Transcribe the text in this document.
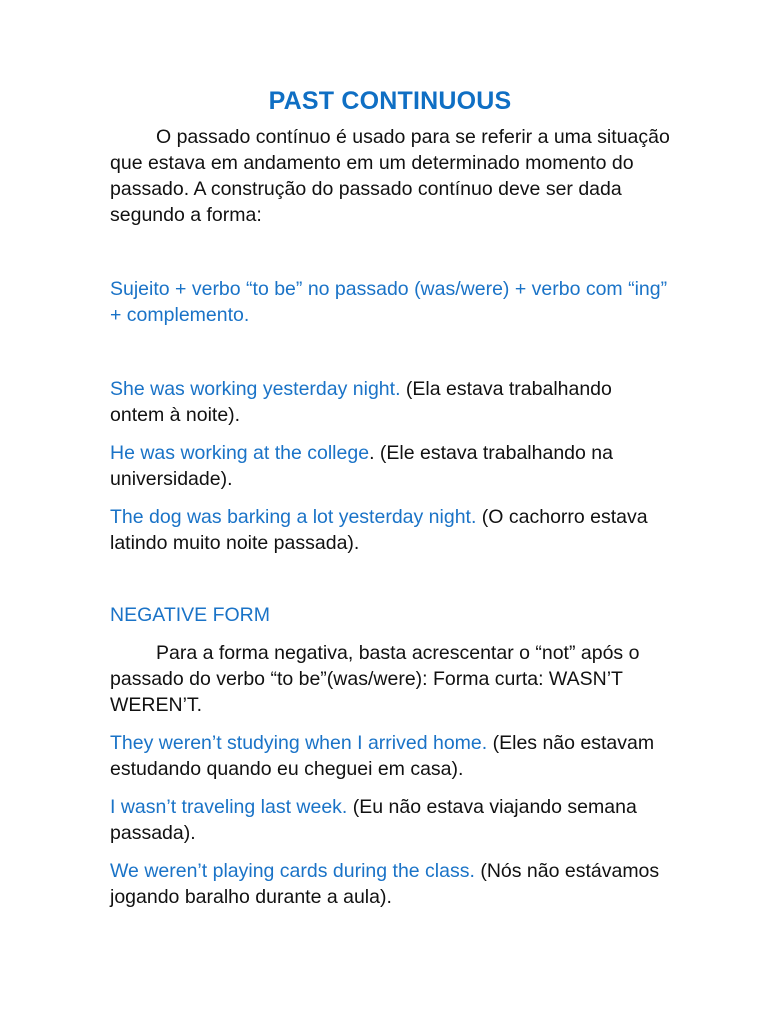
PAST CONTINUOUS

O passado contínuo é usado para se referir a uma situação que estava em andamento em um determinado momento do passado. A construção do passado contínuo deve ser dada segundo a forma:

Sujeito + verbo “to be” no passado (was/were) + verbo com “ing” + complemento.

She was working yesterday night. (Ela estava trabalhando ontem à noite).

He was working at the college. (Ele estava trabalhando na universidade).

The dog was barking a lot yesterday night. (O cachorro estava latindo muito noite passada).

NEGATIVE FORM

Para a forma negativa, basta acrescentar o “not” após o passado do verbo “to be”(was/were): Forma curta: WASN’T WEREN’T.

They weren’t studying when I arrived home. (Eles não estavam estudando quando eu cheguei em casa).

I wasn’t traveling last week. (Eu não estava viajando semana passada).

We weren’t playing cards during the class. (Nós não estávamos jogando baralho durante a aula).
